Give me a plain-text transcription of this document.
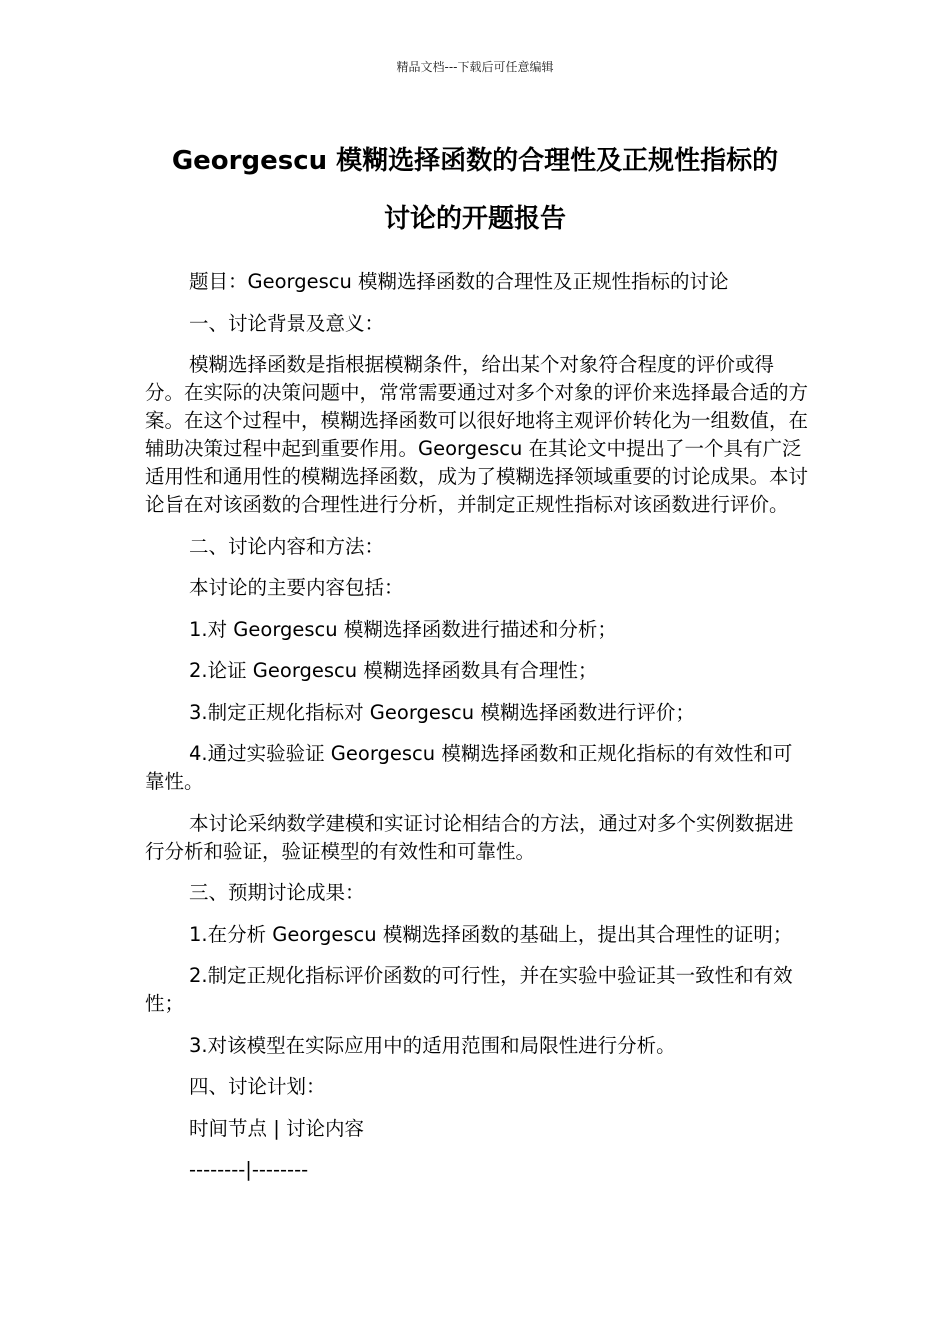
精品文档---下载后可任意编辑
Georgescu 模糊选择函数的合理性及正规性指标的
讨论的开题报告

题目：Georgescu 模糊选择函数的合理性及正规性指标的讨论

一、讨论背景及意义：

模糊选择函数是指根据模糊条件，给出某个对象符合程度的评价或得分。在实际的决策问题中，常常需要通过对多个对象的评价来选择最合适的方案。在这个过程中，模糊选择函数可以很好地将主观评价转化为一组数值，在辅助决策过程中起到重要作用。Georgescu 在其论文中提出了一个具有广泛适用性和通用性的模糊选择函数，成为了模糊选择领域重要的讨论成果。本讨论旨在对该函数的合理性进行分析，并制定正规性指标对该函数进行评价。

二、讨论内容和方法：

本讨论的主要内容包括：

1.对 Georgescu 模糊选择函数进行描述和分析；

2.论证 Georgescu 模糊选择函数具有合理性；

3.制定正规化指标对 Georgescu 模糊选择函数进行评价；

4.通过实验验证 Georgescu 模糊选择函数和正规化指标的有效性和可靠性。

本讨论采纳数学建模和实证讨论相结合的方法，通过对多个实例数据进行分析和验证，验证模型的有效性和可靠性。

三、预期讨论成果：

1.在分析 Georgescu 模糊选择函数的基础上，提出其合理性的证明；

2.制定正规化指标评价函数的可行性，并在实验中验证其一致性和有效性；

3.对该模型在实际应用中的适用范围和局限性进行分析。

四、讨论计划：

时间节点 | 讨论内容

--------|--------
